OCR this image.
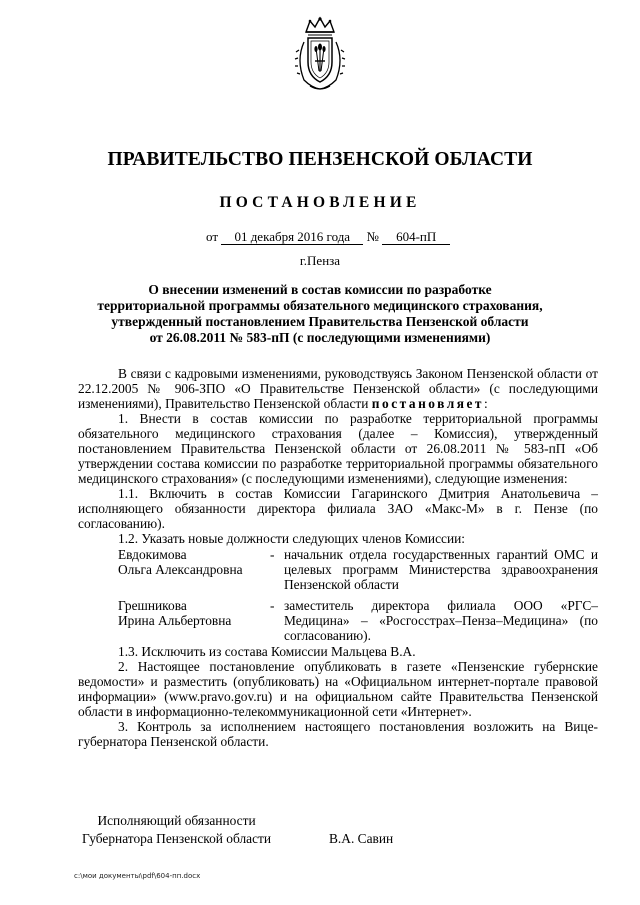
ПРАВИТЕЛЬСТВО ПЕНЗЕНСКОЙ ОБЛАСТИ
ПОСТАНОВЛЕНИЕ
от 01 декабря 2016 года № 604-пП
г.Пенза
О внесении изменений в состав комиссии по разработке
территориальной программы обязательного медицинского страхования,
утвержденный постановлением Правительства Пензенской области
от 26.08.2011 № 583-пП (с последующими изменениями)

В связи с кадровыми изменениями, руководствуясь Законом Пензенской области от 22.12.2005 № 906-ЗПО «О Правительстве Пензенской области» (с последующими изменениями), Правительство Пензенской области постановляет:

1. Внести в состав комиссии по разработке территориальной программы обязательного медицинского страхования (далее – Комиссия), утвержденный постановлением Правительства Пензенской области от 26.08.2011 № 583-пП «Об утверждении состава комиссии по разработке территориальной программы обязательного медицинского страхования» (с последующими изменениями), следующие изменения:

1.1. Включить в состав Комиссии Гагаринского Дмитрия Анатольевича – исполняющего обязанности директора филиала ЗАО «Макс-М» в г. Пензе (по согласованию).

1.2. Указать новые должности следующих членов Комиссии:

Евдокимова
Ольга Александровна	-	начальник отдела государственных гарантий ОМС и целевых программ Министерства здравоохранения Пензенской области

Грешникова
Ирина Альбертовна	-	заместитель директора филиала ООО «РГС–Медицина» – «Росгосстрах–Пенза–Медицина» (по согласованию).

1.3. Исключить из состава Комиссии Мальцева В.А.

2. Настоящее постановление опубликовать в газете «Пензенские губернские ведомости» и разместить (опубликовать) на «Официальном интернет-портале правовой информации» (www.pravo.gov.ru) и на официальном сайте Правительства Пензенской области в информационно-телекоммуникационной сети «Интернет».

3. Контроль за исполнением настоящего постановления возложить на Вице-губернатора Пензенской области.

Исполняющий обязанности
Губернатора Пензенской области	В.А. Савин
c:\мои документы\pdf\604-пп.docx
